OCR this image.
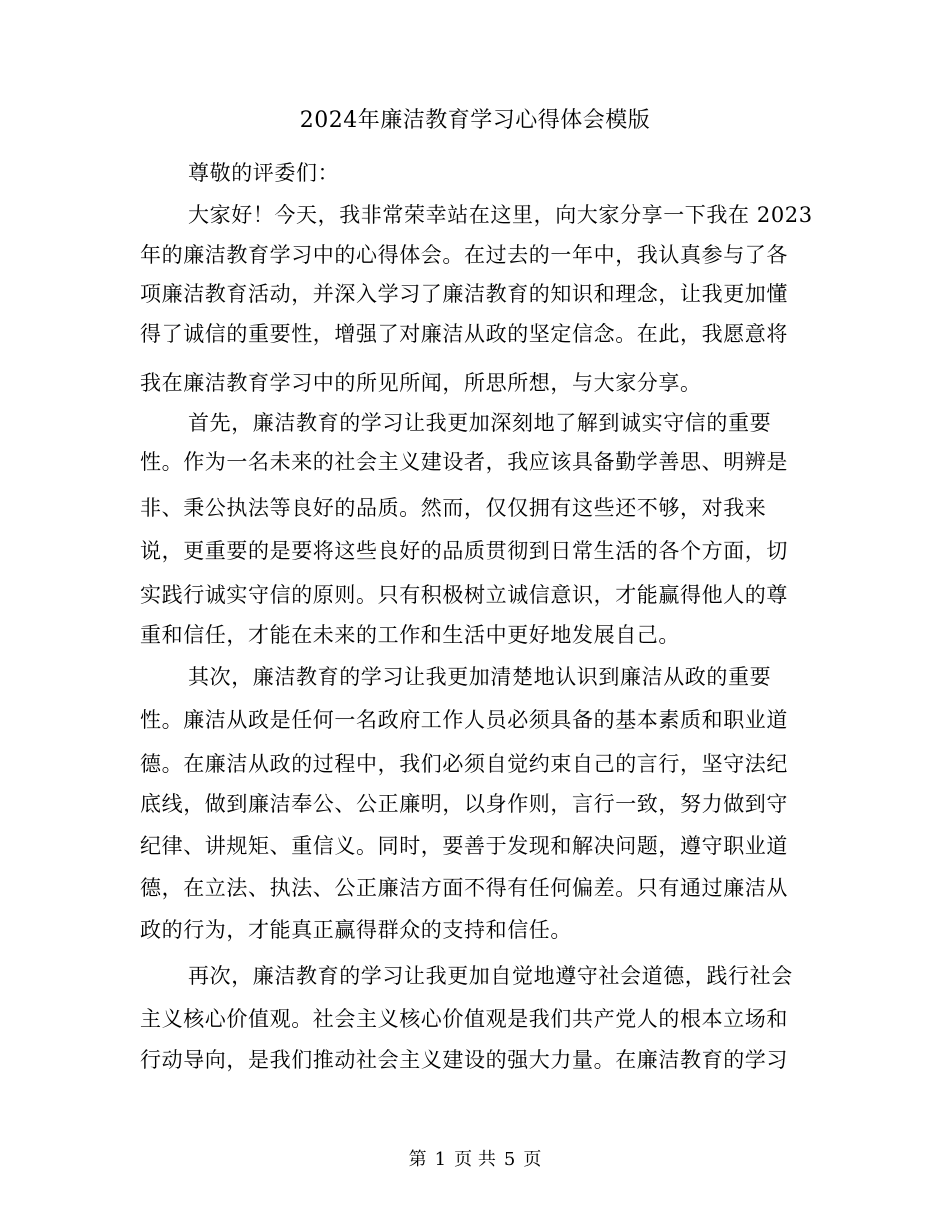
2024年廉洁教育学习心得体会模版
尊敬的评委们：
大家好！今天，我非常荣幸站在这里，向大家分享一下我在 2023
年的廉洁教育学习中的心得体会。在过去的一年中，我认真参与了各
项廉洁教育活动，并深入学习了廉洁教育的知识和理念，让我更加懂
得了诚信的重要性，增强了对廉洁从政的坚定信念。在此，我愿意将
我在廉洁教育学习中的所见所闻，所思所想，与大家分享。
首先，廉洁教育的学习让我更加深刻地了解到诚实守信的重要
性。作为一名未来的社会主义建设者，我应该具备勤学善思、明辨是
非、秉公执法等良好的品质。然而，仅仅拥有这些还不够，对我来
说，更重要的是要将这些良好的品质贯彻到日常生活的各个方面，切
实践行诚实守信的原则。只有积极树立诚信意识，才能赢得他人的尊
重和信任，才能在未来的工作和生活中更好地发展自己。
其次，廉洁教育的学习让我更加清楚地认识到廉洁从政的重要
性。廉洁从政是任何一名政府工作人员必须具备的基本素质和职业道
德。在廉洁从政的过程中，我们必须自觉约束自己的言行，坚守法纪
底线，做到廉洁奉公、公正廉明，以身作则，言行一致，努力做到守
纪律、讲规矩、重信义。同时，要善于发现和解决问题，遵守职业道
德，在立法、执法、公正廉洁方面不得有任何偏差。只有通过廉洁从
政的行为，才能真正赢得群众的支持和信任。
再次，廉洁教育的学习让我更加自觉地遵守社会道德，践行社会
主义核心价值观。社会主义核心价值观是我们共产党人的根本立场和
行动导向，是我们推动社会主义建设的强大力量。在廉洁教育的学习
第 1 页 共 5 页
